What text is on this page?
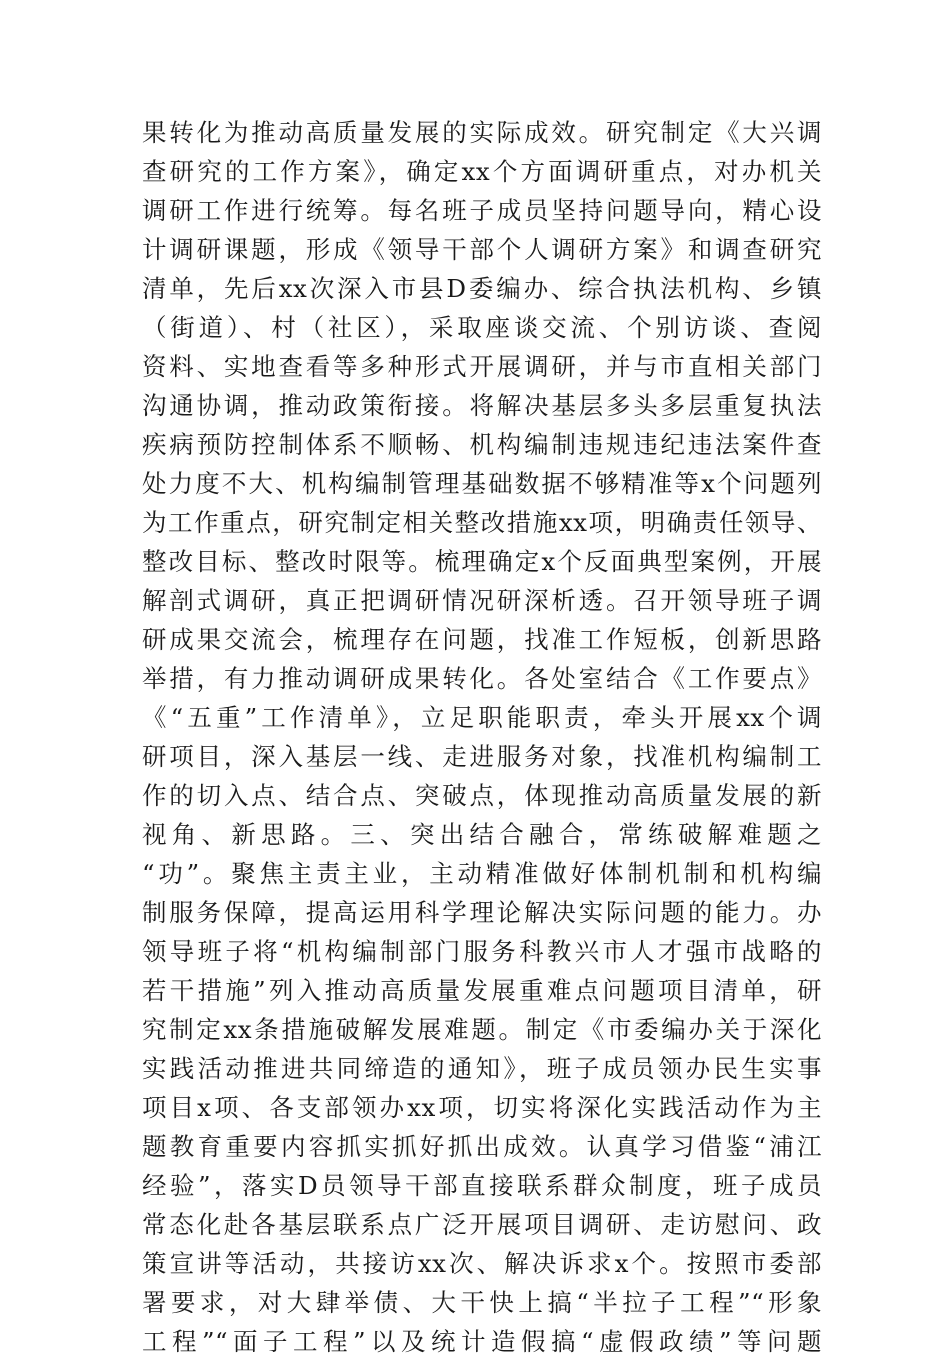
果转化为推动高质量发展的实际成效。研究制定《大兴调
查研究的工作方案》，确定xx个方面调研重点，对办机关
调研工作进行统筹。每名班子成员坚持问题导向，精心设
计调研课题，形成《领导干部个人调研方案》和调查研究
清单，先后xx次深入市县D委编办、综合执法机构、乡镇
（街道）、村（社区），采取座谈交流、个别访谈、查阅
资料、实地查看等多种形式开展调研，并与市直相关部门
沟通协调，推动政策衔接。将解决基层多头多层重复执法
疾病预防控制体系不顺畅、机构编制违规违纪违法案件查
处力度不大、机构编制管理基础数据不够精准等x个问题列
为工作重点，研究制定相关整改措施xx项，明确责任领导、
整改目标、整改时限等。梳理确定x个反面典型案例，开展
解剖式调研，真正把调研情况研深析透。召开领导班子调
研成果交流会，梳理存在问题，找准工作短板，创新思路
举措，有力推动调研成果转化。各处室结合《工作要点》
《“五重”工作清单》，立足职能职责，牵头开展xx个调
研项目，深入基层一线、走进服务对象，找准机构编制工
作的切入点、结合点、突破点，体现推动高质量发展的新
视角、新思路。三、突出结合融合，常练破解难题之
“功”。聚焦主责主业，主动精准做好体制机制和机构编
制服务保障，提高运用科学理论解决实际问题的能力。办
领导班子将“机构编制部门服务科教兴市人才强市战略的
若干措施”列入推动高质量发展重难点问题项目清单，研
究制定xx条措施破解发展难题。制定《市委编办关于深化
实践活动推进共同缔造的通知》，班子成员领办民生实事
项目x项、各支部领办xx项，切实将深化实践活动作为主
题教育重要内容抓实抓好抓出成效。认真学习借鉴“浦江
经验”，落实D员领导干部直接联系群众制度，班子成员
常态化赴各基层联系点广泛开展项目调研、走访慰问、政
策宣讲等活动，共接访xx次、解决诉求x个。按照市委部
署要求，对大肆举债、大干快上搞“半拉子工程”“形象
工程”“面子工程”以及统计造假搞“虚假政绩”等问题
